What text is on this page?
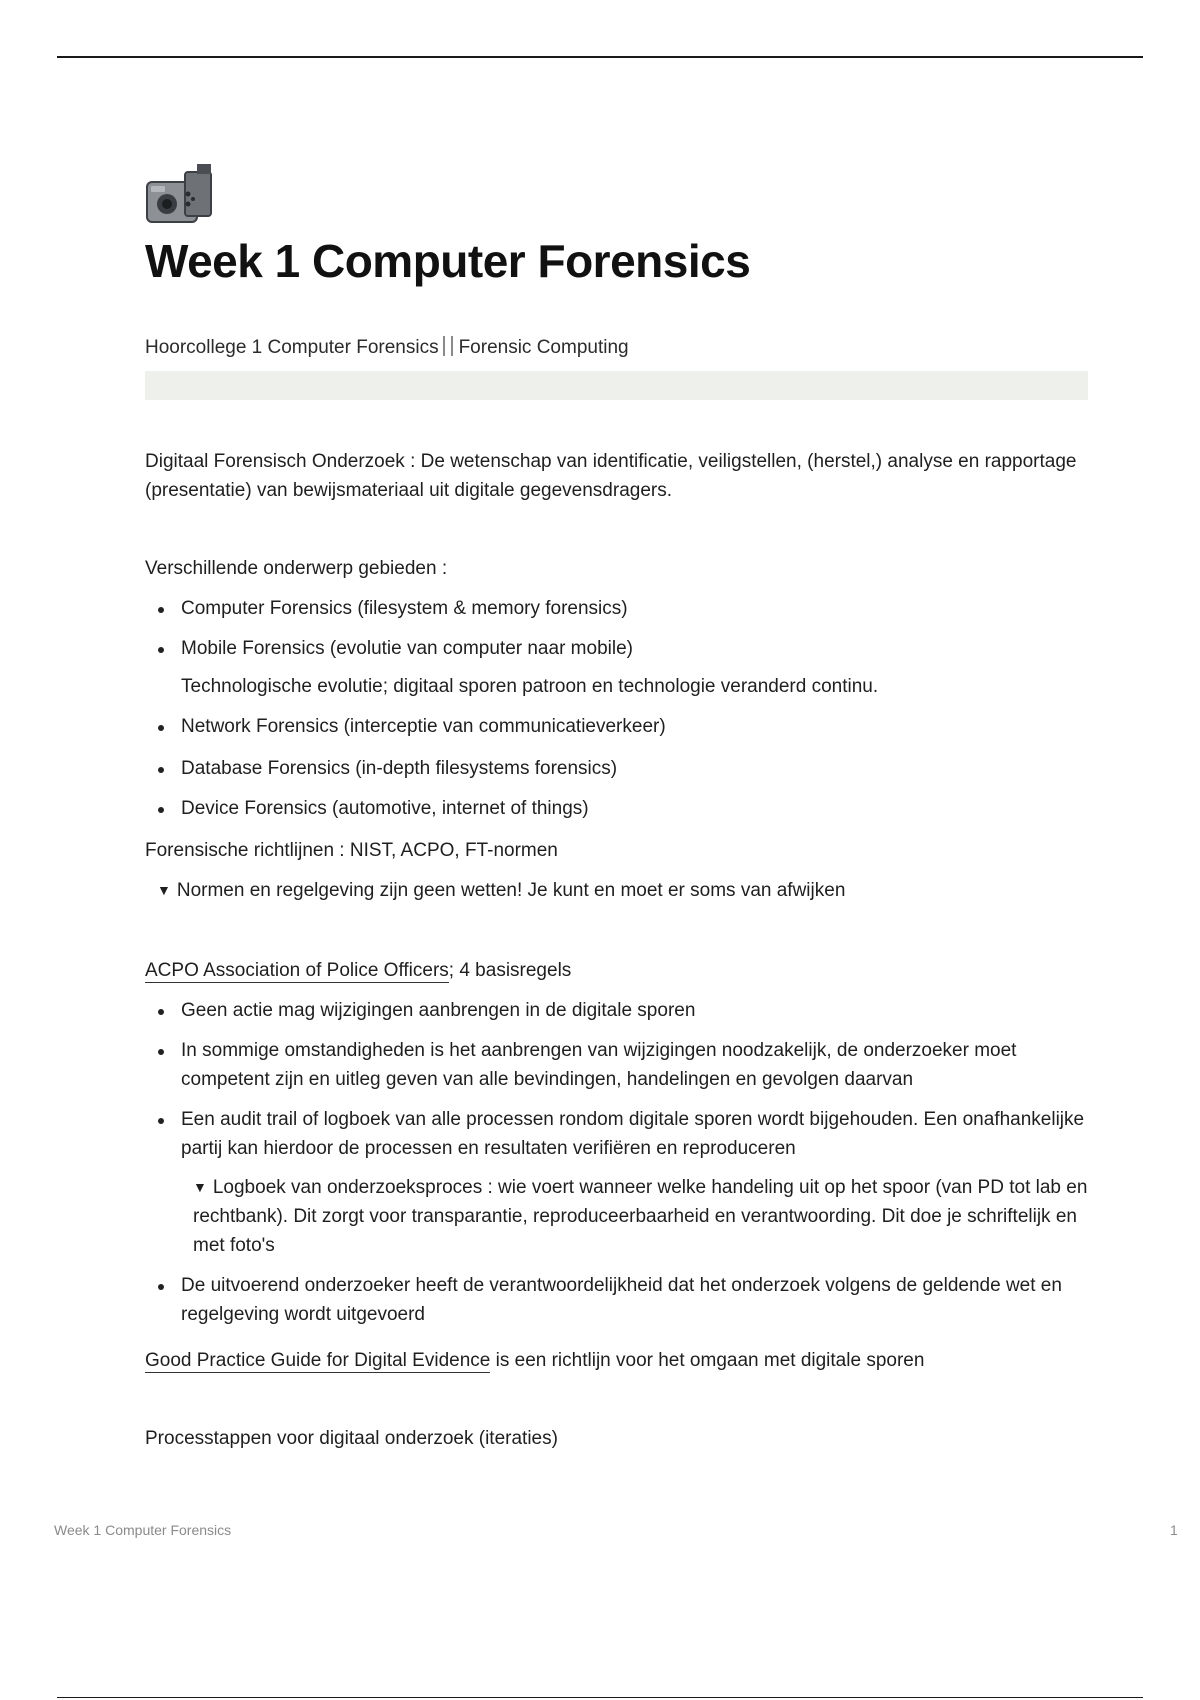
Week 1 Computer Forensics
Hoorcollege 1 Computer Forensics Forensic Computing

Digitaal Forensisch Onderzoek : De wetenschap van identificatie, veiligstellen, (herstel,) analyse en rapportage (presentatie) van bewijsmateriaal uit digitale gegevensdragers.

Verschillende onderwerp gebieden :

Computer Forensics (filesystem & memory forensics)
Mobile Forensics (evolutie van computer naar mobile)

Technologische evolutie; digitaal sporen patroon en technologie veranderd continu.

Network Forensics (interceptie van communicatieverkeer)
Database Forensics (in-depth filesystems forensics)
Device Forensics (automotive, internet of things)

Forensische richtlijnen : NIST, ACPO, FT-normen

▼ Normen en regelgeving zijn geen wetten! Je kunt en moet er soms van afwijken

ACPO Association of Police Officers; 4 basisregels

Geen actie mag wijzigingen aanbrengen in de digitale sporen
In sommige omstandigheden is het aanbrengen van wijzigingen noodzakelijk, de onderzoeker moet competent zijn en uitleg geven van alle bevindingen, handelingen en gevolgen daarvan
Een audit trail of logboek van alle processen rondom digitale sporen wordt bijgehouden. Een onafhankelijke partij kan hierdoor de processen en resultaten verifiëren en reproduceren

▼ Logboek van onderzoeksproces : wie voert wanneer welke handeling uit op het spoor (van PD tot lab en rechtbank). Dit zorgt voor transparantie, reproduceerbaarheid en verantwoording. Dit doe je schriftelijk en met foto's

De uitvoerend onderzoeker heeft de verantwoordelijkheid dat het onderzoek volgens de geldende wet en regelgeving wordt uitgevoerd

Good Practice Guide for Digital Evidence is een richtlijn voor het omgaan met digitale sporen

Processtappen voor digitaal onderzoek (iteraties)

Week 1 Computer Forensics	1
